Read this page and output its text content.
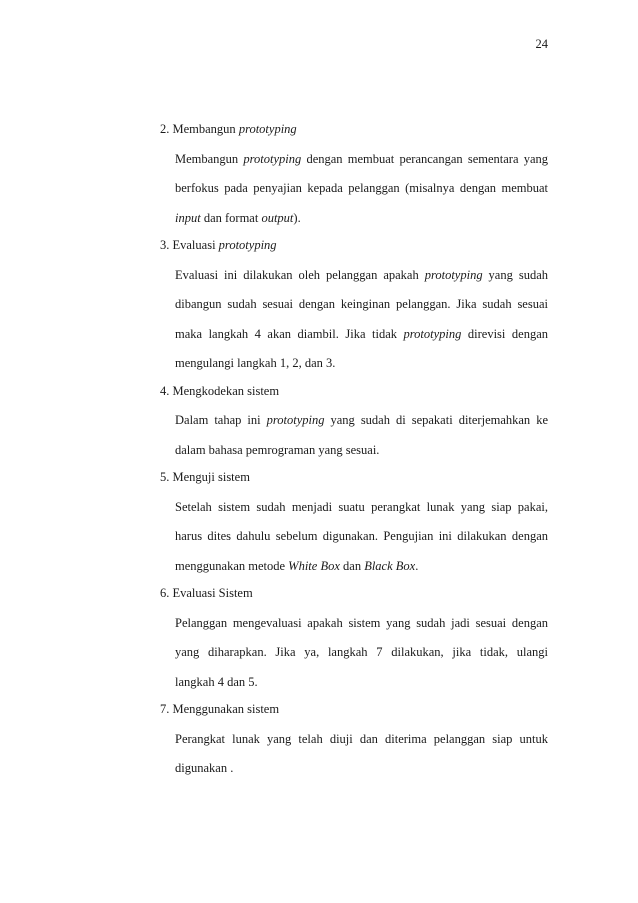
24
2. Membangun prototyping
Membangun prototyping dengan membuat perancangan sementara yang
berfokus pada penyajian kepada pelanggan (misalnya dengan membuat
input dan format output).
3. Evaluasi prototyping
Evaluasi ini dilakukan oleh pelanggan apakah prototyping yang sudah
dibangun sudah sesuai dengan keinginan pelanggan. Jika sudah sesuai
maka langkah 4 akan diambil. Jika tidak prototyping direvisi dengan
mengulangi langkah 1, 2, dan 3.
4. Mengkodekan sistem
Dalam tahap ini prototyping yang sudah di sepakati diterjemahkan ke
dalam bahasa pemrograman yang sesuai.
5. Menguji sistem
Setelah sistem sudah menjadi suatu perangkat lunak yang siap pakai,
harus dites dahulu sebelum digunakan. Pengujian ini dilakukan dengan
menggunakan metode White Box dan Black Box.
6. Evaluasi Sistem
Pelanggan mengevaluasi apakah sistem yang sudah jadi sesuai dengan
yang diharapkan. Jika ya, langkah 7 dilakukan, jika tidak, ulangi
langkah 4 dan 5.
7. Menggunakan sistem
Perangkat lunak yang telah diuji dan diterima pelanggan siap untuk
digunakan .
